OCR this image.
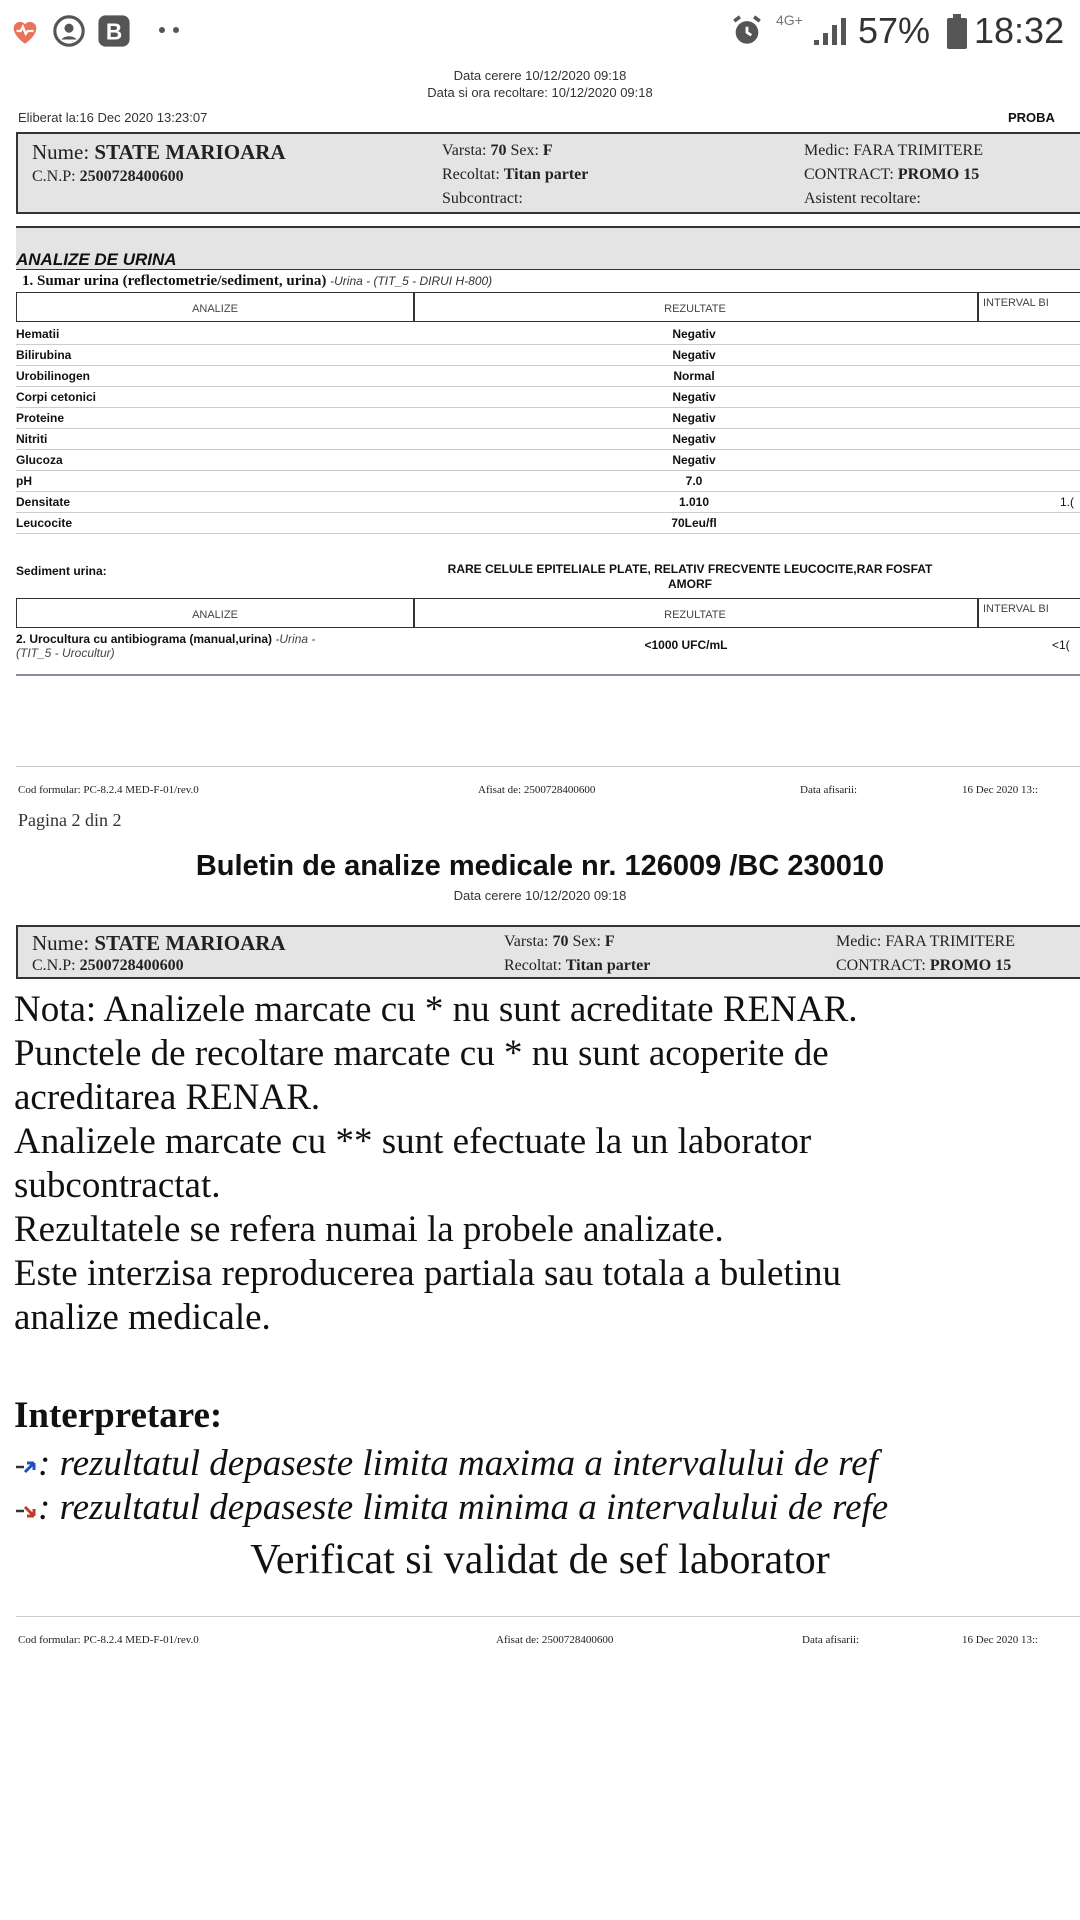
B	4G+ 57% 18:32
Data cerere 10/12/2020 09:18
Data si ora recoltare: 10/12/2020 09:18
Eliberat la:16 Dec 2020 13:23:07	PROBA
Nume: STATE MARIOARA
C.N.P: 2500728400600
Varsta: 70 Sex: F
Recoltat: Titan parter
Subcontract:
Medic: FARA TRIMITERE
CONTRACT: PROMO 15
Asistent recoltare:
ANALIZE DE URINA
1. Sumar urina (reflectometrie/sediment, urina) -Urina - (TIT_5 - DIRUI H-800)
ANALIZE	REZULTATE	INTERVAL BI
Hematii	Negativ
Bilirubina	Negativ
Urobilinogen	Normal
Corpi cetonici	Negativ
Proteine	Negativ
Nitriti	Negativ
Glucoza	Negativ
pH	7.0
Densitate	1.010	1.(
Leucocite	70Leu/fl
Sediment urina:	RARE CELULE EPITELIALE PLATE, RELATIV FRECVENTE LEUCOCITE,RAR FOSFAT
AMORF
ANALIZE	REZULTATE	INTERVAL BI
2. Urocultura cu antibiograma (manual,urina) -Urina -
(TIT_5 - Urocultur)
<1000 UFC/mL	<1(
Cod formular: PC-8.2.4 MED-F-01/rev.0	Afisat de: 2500728400600	Data afisarii:	16 Dec 2020 13::
Pagina 2 din 2
Buletin de analize medicale nr. 126009 /BC 230010
Data cerere 10/12/2020 09:18
Nume: STATE MARIOARA
C.N.P: 2500728400600
Varsta: 70 Sex: F
Recoltat: Titan parter
Medic: FARA TRIMITERE
CONTRACT: PROMO 15
Nota: Analizele marcate cu * nu sunt acreditate RENAR.
Punctele de recoltare marcate cu * nu sunt acoperite de
acreditarea RENAR.
Analizele marcate cu ** sunt efectuate la un laborator
subcontractat.
Rezultatele se refera numai la probele analizate.
Este interzisa reproducerea partiala sau totala a buletinu
analize medicale.
Interpretare:
: rezultatul depaseste limita maxima a intervalului de ref
: rezultatul depaseste limita minima a intervalului de refe
Verificat si validat de sef laborator
Cod formular: PC-8.2.4 MED-F-01/rev.0	Afisat de: 2500728400600	Data afisarii:	16 Dec 2020 13::
